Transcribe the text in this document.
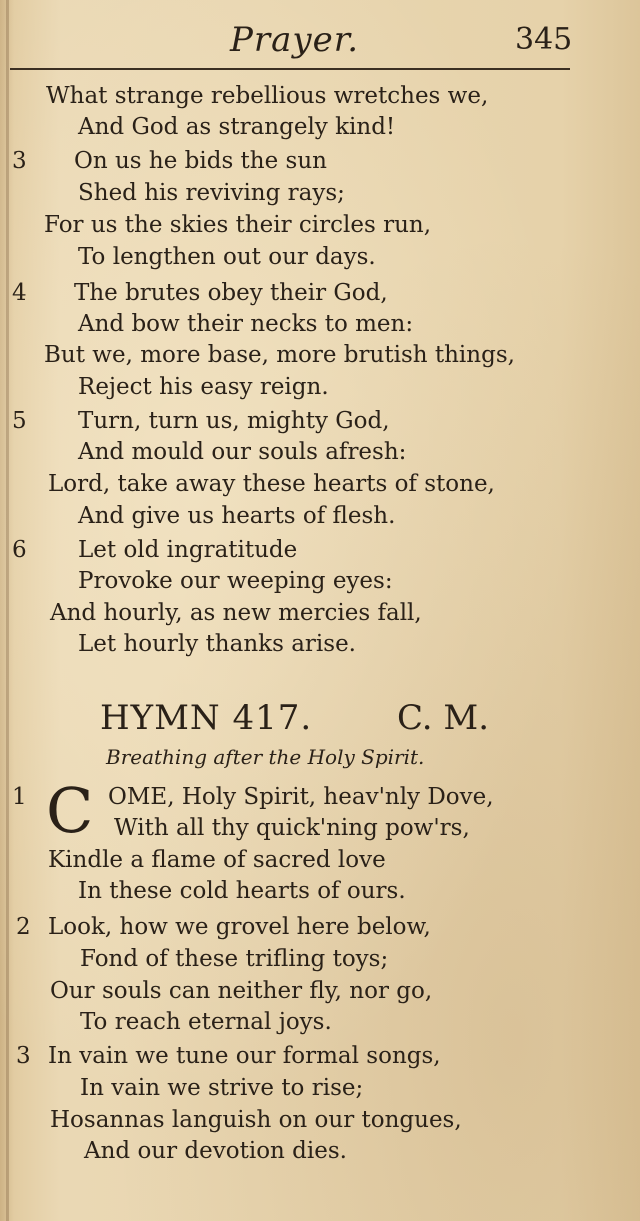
Prayer.	345
What strange rebellious wretches we,
And God as strangely kind!
3 On us he bids the sun
Shed his reviving rays;
For us the skies their circles run,
To lengthen out our days.
4 The brutes obey their God,
And bow their necks to men:
But we, more base, more brutish things,
Reject his easy reign.
5 Turn, turn us, mighty God,
And mould our souls afresh:
Lord, take away these hearts of stone,
And give us hearts of flesh.
6 Let old ingratitude
Provoke our weeping eyes:
And hourly, as new mercies fall,
Let hourly thanks arise.
HYMN 417. C. M.
Breathing after the Holy Spirit.
1 C OME, Holy Spirit, heav'nly Dove,
With all thy quick'ning pow'rs,
Kindle a flame of sacred love
In these cold hearts of ours.
2 Look, how we grovel here below,
Fond of these trifling toys;
Our souls can neither fly, nor go,
To reach eternal joys.
3 In vain we tune our formal songs,
In vain we strive to rise;
Hosannas languish on our tongues,
And our devotion dies.
